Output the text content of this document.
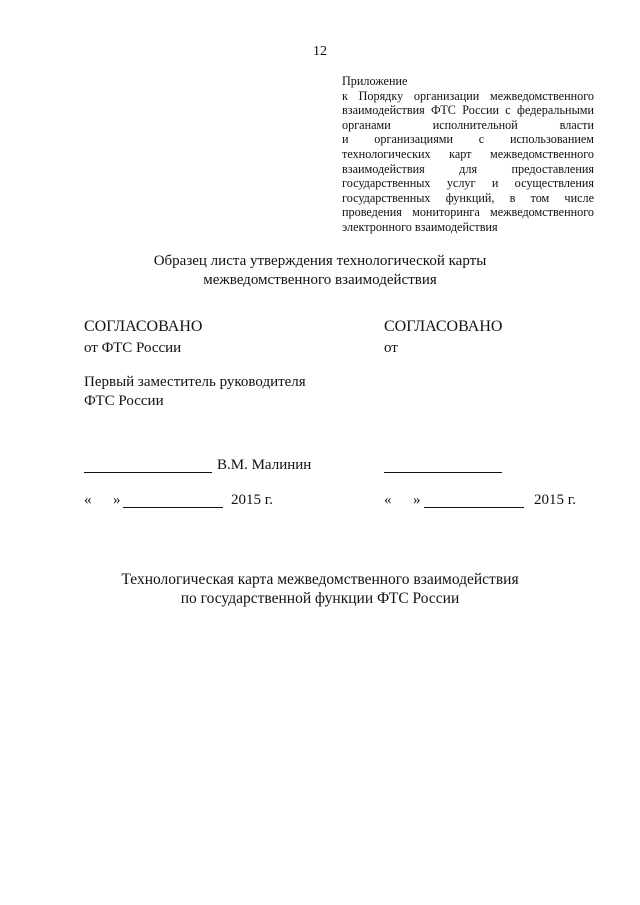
12
Приложение
к Порядку организации межведомственного
взаимодействия ФТС России с федеральными
органами исполнительной власти
и организациями с использованием
технологических карт межведомственного
взаимодействия для предоставления
государственных услуг и осуществления
государственных функций, в том числе
проведения мониторинга межведомственного
электронного взаимодействия
Образец листа утверждения технологической карты
межведомственного взаимодействия
СОГЛАСОВАНО
от ФТС России
Первый заместитель руководителя
ФТС России
В.М. Малинин
« »	2015 г.
СОГЛАСОВАНО
от
« »	2015 г.
Технологическая карта межведомственного взаимодействия
по государственной функции ФТС России
